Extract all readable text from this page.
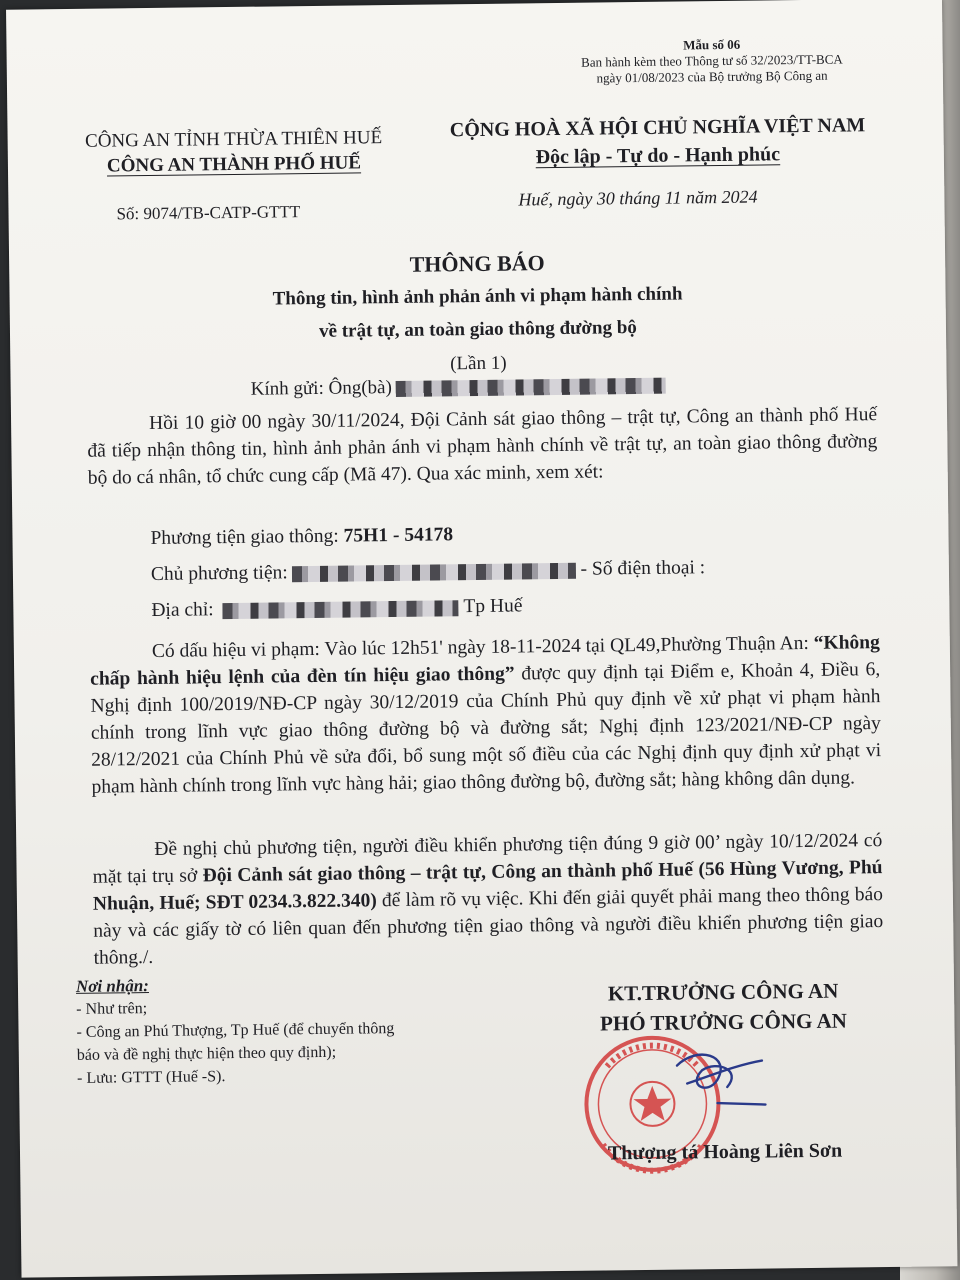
Mẫu số 06
Ban hành kèm theo Thông tư số 32/2023/TT-BCA
ngày 01/08/2023 của Bộ trưởng Bộ Công an
CÔNG AN TỈNH THỪA THIÊN HUẾ
CÔNG AN THÀNH PHỐ HUẾ
CỘNG HOÀ XÃ HỘI CHỦ NGHĨA VIỆT NAM
Độc lập - Tự do - Hạnh phúc
Số: 9074/TB-CATP-GTTT
Huế, ngày 30 tháng 11 năm 2024
THÔNG BÁO
Thông tin, hình ảnh phản ánh vi phạm hành chính
về trật tự, an toàn giao thông đường bộ
(Lần 1)
Kính gửi: Ông(bà)
Hồi 10 giờ 00 ngày 30/11/2024, Đội Cảnh sát giao thông – trật tự, Công an thành phố Huế đã tiếp nhận thông tin, hình ảnh phản ánh vi phạm hành chính về trật tự, an toàn giao thông đường bộ do cá nhân, tổ chức cung cấp (Mã 47). Qua xác minh, xem xét:
Phương tiện giao thông: 75H1 - 54178
Chủ phương tiện:	- Số điện thoại :
Địa chỉ:	Tp Huế
Có dấu hiệu vi phạm: Vào lúc 12h51' ngày 18-11-2024 tại QL49,Phường Thuận An: “Không chấp hành hiệu lệnh của đèn tín hiệu giao thông” được quy định tại Điểm e, Khoản 4, Điều 6, Nghị định 100/2019/NĐ-CP ngày 30/12/2019 của Chính Phủ quy định về xử phạt vi phạm hành chính trong lĩnh vực giao thông đường bộ và đường sắt; Nghị định 123/2021/NĐ-CP ngày 28/12/2021 của Chính Phủ về sửa đổi, bổ sung một số điều của các Nghị định quy định xử phạt vi phạm hành chính trong lĩnh vực hàng hải; giao thông đường bộ, đường sắt; hàng không dân dụng.
Đề nghị chủ phương tiện, người điều khiển phương tiện đúng 9 giờ 00’ ngày 10/12/2024 có mặt tại trụ sở Đội Cảnh sát giao thông – trật tự, Công an thành phố Huế (56 Hùng Vương, Phú Nhuận, Huế; SĐT 0234.3.822.340) để làm rõ vụ việc. Khi đến giải quyết phải mang theo thông báo này và các giấy tờ có liên quan đến phương tiện giao thông và người điều khiển phương tiện giao thông./.
Nơi nhận:
- Như trên;
- Công an Phú Thượng, Tp Huế (để chuyển thông
báo và đề nghị thực hiện theo quy định);
- Lưu: GTTT (Huế -S).
KT.TRƯỞNG CÔNG AN
PHÓ TRƯỞNG CÔNG AN
Thượng tá Hoàng Liên Sơn
